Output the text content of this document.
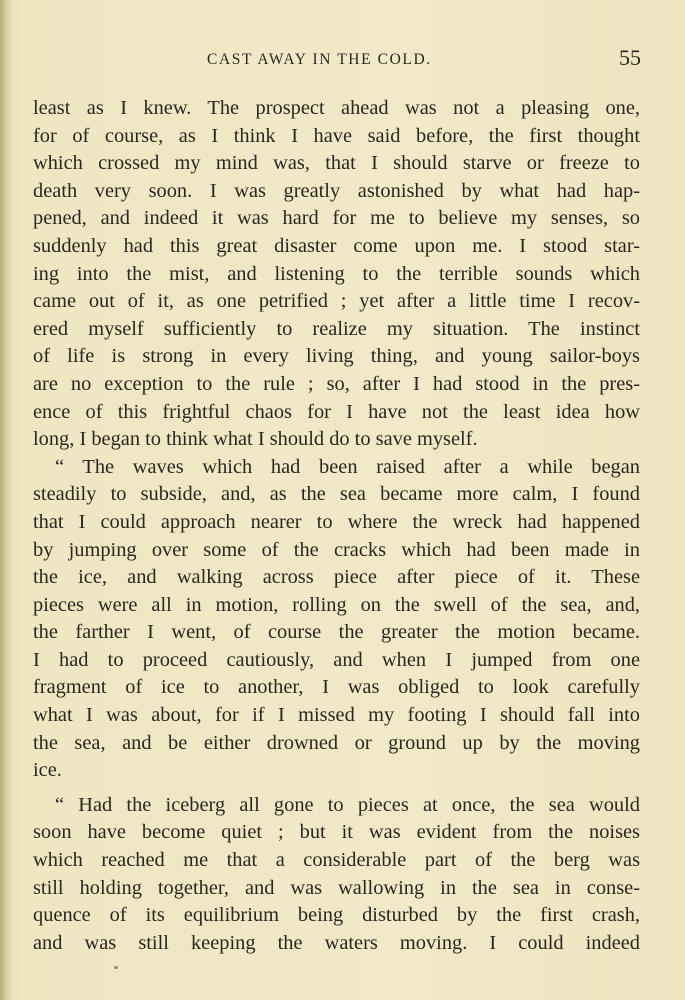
CAST AWAY IN THE COLD.	55
least as I knew. The prospect ahead was not a pleasing one,
for of course, as I think I have said before, the first thought
which crossed my mind was, that I should starve or freeze to
death very soon. I was greatly astonished by what had hap-
pened, and indeed it was hard for me to believe my senses, so
suddenly had this great disaster come upon me. I stood star-
ing into the mist, and listening to the terrible sounds which
came out of it, as one petrified ; yet after a little time I recov-
ered myself sufficiently to realize my situation. The instinct
of life is strong in every living thing, and young sailor-boys
are no exception to the rule ; so, after I had stood in the pres-
ence of this frightful chaos for I have not the least idea how
long, I began to think what I should do to save myself.
“ The waves which had been raised after a while began
steadily to subside, and, as the sea became more calm, I found
that I could approach nearer to where the wreck had happened
by jumping over some of the cracks which had been made in
the ice, and walking across piece after piece of it. These
pieces were all in motion, rolling on the swell of the sea, and,
the farther I went, of course the greater the motion became.
I had to proceed cautiously, and when I jumped from one
fragment of ice to another, I was obliged to look carefully
what I was about, for if I missed my footing I should fall into
the sea, and be either drowned or ground up by the moving
ice.
“ Had the iceberg all gone to pieces at once, the sea would
soon have become quiet ; but it was evident from the noises
which reached me that a considerable part of the berg was
still holding together, and was wallowing in the sea in conse-
quence of its equilibrium being disturbed by the first crash,
and was still keeping the waters moving. I could indeed
